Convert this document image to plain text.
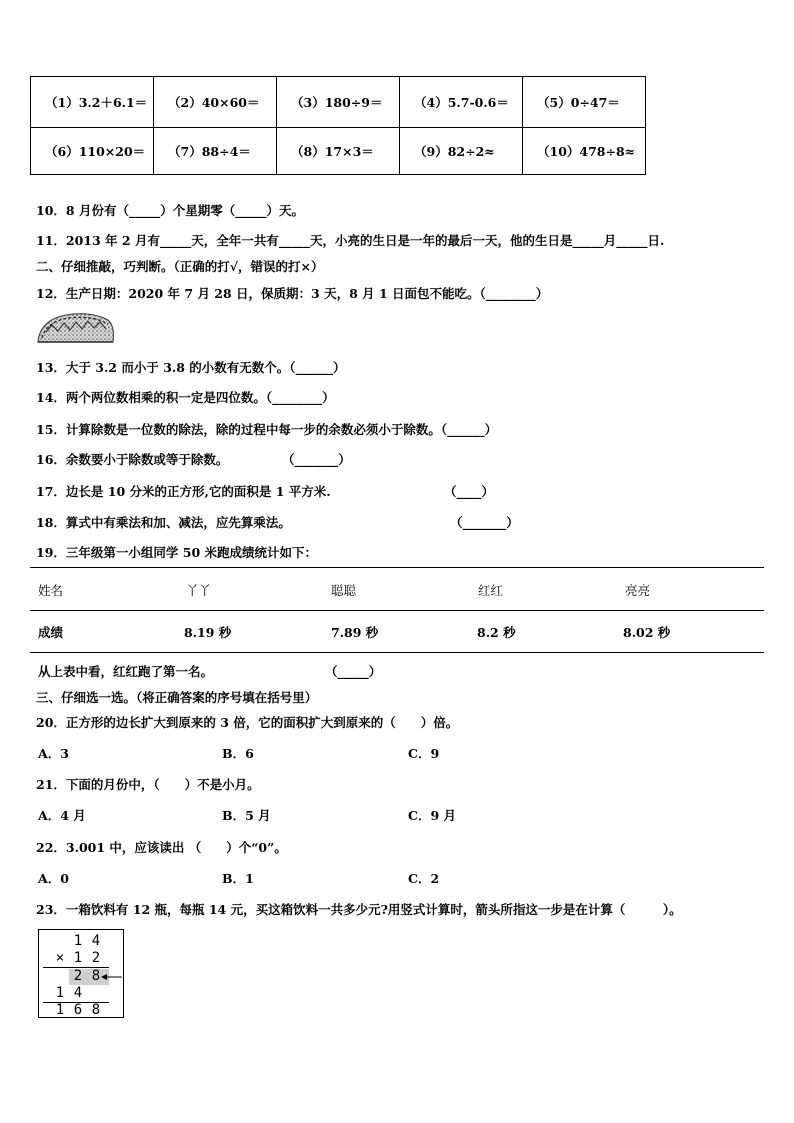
（1）3.2＋6.1＝	（2）40×60＝	（3）180÷9＝	（4）5.7-0.6＝	（5）0÷47＝
（6）110×20＝	（7）88÷4＝	（8）17×3＝	（9）82÷2≈	（10）478÷8≈
10．8 月份有（_____）个星期零（_____）天。
11．2013 年 2 月有_____天，全年一共有_____天，小亮的生日是一年的最后一天，他的生日是_____月_____日.
二、仔细推敲，巧判断。（正确的打√，错误的打×）
12．生产日期：2020 年 7 月 28 日，保质期：3 天，8 月 1 日面包不能吃。（________）
13．大于 3.2 而小于 3.8 的小数有无数个。（______）
14．两个两位数相乘的积一定是四位数。（________）
15．计算除数是一位数的除法，除的过程中每一步的余数必须小于除数。（______）
16．余数要小于除数或等于除数。	（_______）
17．边长是 10 分米的正方形,它的面积是 1 平方米.	（____）
18．算式中有乘法和加、减法，应先算乘法。	（_______）
19．三年级第一小组同学 50 米跑成绩统计如下：
姓名	丫丫	聪聪	红红	亮亮
成绩	8.19 秒	7.89 秒	8.2 秒	8.02 秒
从上表中看，红红跑了第一名。	（_____）
三、仔细选一选。（将正确答案的序号填在括号里）
20．正方形的边长扩大到原来的 3 倍，它的面积扩大到原来的（　　）倍。
A．3	B．6	C．9
21．下面的月份中，（　　）不是小月。
A．4 月	B．5 月	C．9 月
22．3.001 中，应该读出 （　　）个“0”。
A．0	B．1	C．2
23．一箱饮料有 12 瓶，每瓶 14 元，买这箱饮料一共多少元?用竖式计算时，箭头所指这一步是在计算（　　　）。
1 4
× 1 2
2 8
1 4
1 6 8
